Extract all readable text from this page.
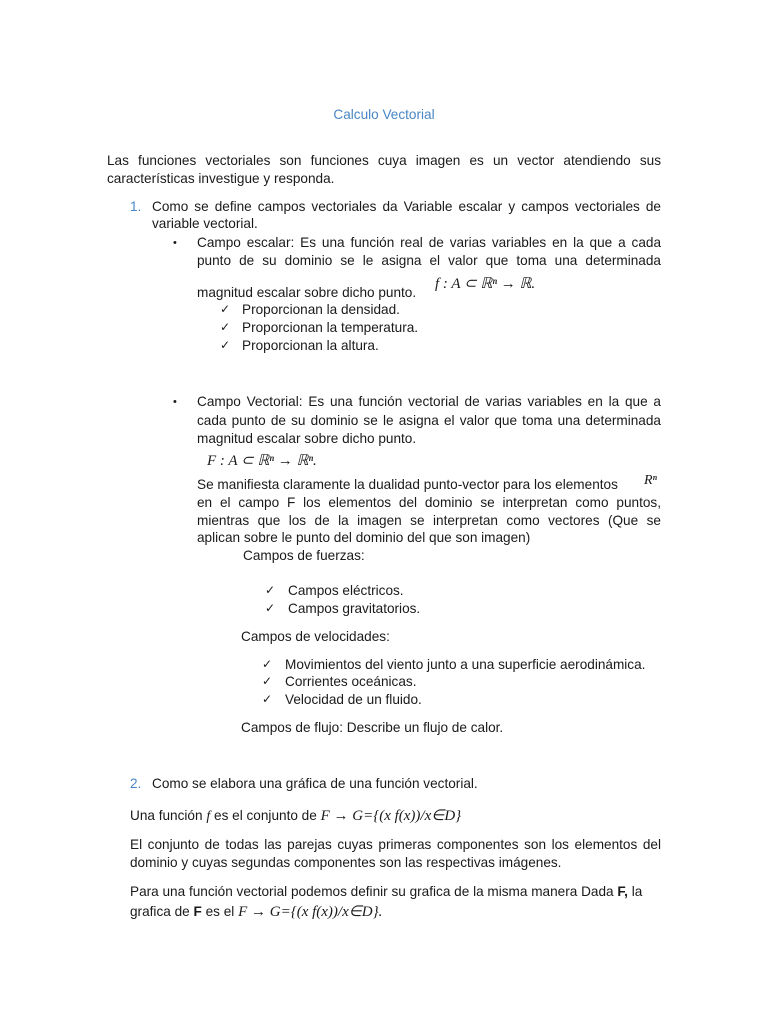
Calculo Vectorial
Las funciones vectoriales son funciones cuya imagen es un vector atendiendo sus
características investigue y responda.
1. Como se define campos vectoriales da Variable escalar y campos vectoriales de
variable vectorial.
• Campo escalar: Es una función real de varias variables en la que a cada
punto de su dominio se le asigna el valor que toma una determinada
magnitud escalar sobre dicho punto.
f : A ⊂ ℝⁿ → ℝ.
✓ Proporcionan la densidad.
✓ Proporcionan la temperatura.
✓ Proporcionan la altura.
• Campo Vectorial: Es una función vectorial de varias variables en la que a
cada punto de su dominio se le asigna el valor que toma una determinada
magnitud escalar sobre dicho punto.
F : A ⊂ ℝⁿ → ℝⁿ.
Se manifiesta claramente la dualidad punto-vector para los elementos Rⁿ
en el campo F los elementos del dominio se interpretan como puntos,
mientras que los de la imagen se interpretan como vectores (Que se
aplican sobre le punto del dominio del que son imagen)
Campos de fuerzas:
✓ Campos eléctricos.
✓ Campos gravitatorios.
Campos de velocidades:
✓ Movimientos del viento junto a una superficie aerodinámica.
✓ Corrientes oceánicas.
✓ Velocidad de un fluido.
Campos de flujo: Describe un flujo de calor.
2. Como se elabora una gráfica de una función vectorial.
Una función f es el conjunto de F → G={(x f(x))/x∈D}
El conjunto de todas las parejas cuyas primeras componentes son los elementos del
dominio y cuyas segundas componentes son las respectivas imágenes.
Para una función vectorial podemos definir su grafica de la misma manera Dada F, la
grafica de F es el F → G={(x f(x))/x∈D}.
